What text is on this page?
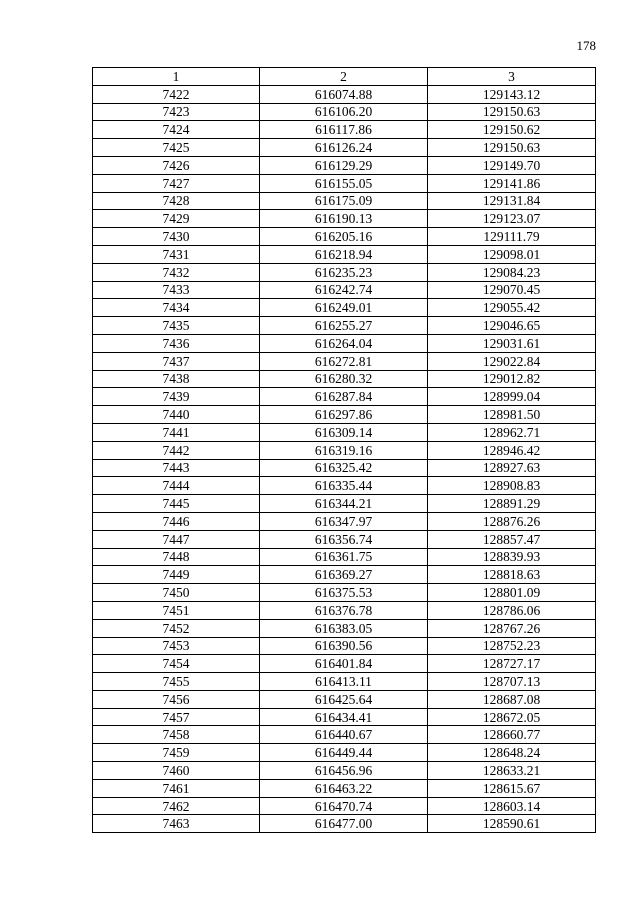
178
1	2	3
7422	616074.88	129143.12
7423	616106.20	129150.63
7424	616117.86	129150.62
7425	616126.24	129150.63
7426	616129.29	129149.70
7427	616155.05	129141.86
7428	616175.09	129131.84
7429	616190.13	129123.07
7430	616205.16	129111.79
7431	616218.94	129098.01
7432	616235.23	129084.23
7433	616242.74	129070.45
7434	616249.01	129055.42
7435	616255.27	129046.65
7436	616264.04	129031.61
7437	616272.81	129022.84
7438	616280.32	129012.82
7439	616287.84	128999.04
7440	616297.86	128981.50
7441	616309.14	128962.71
7442	616319.16	128946.42
7443	616325.42	128927.63
7444	616335.44	128908.83
7445	616344.21	128891.29
7446	616347.97	128876.26
7447	616356.74	128857.47
7448	616361.75	128839.93
7449	616369.27	128818.63
7450	616375.53	128801.09
7451	616376.78	128786.06
7452	616383.05	128767.26
7453	616390.56	128752.23
7454	616401.84	128727.17
7455	616413.11	128707.13
7456	616425.64	128687.08
7457	616434.41	128672.05
7458	616440.67	128660.77
7459	616449.44	128648.24
7460	616456.96	128633.21
7461	616463.22	128615.67
7462	616470.74	128603.14
7463	616477.00	128590.61
